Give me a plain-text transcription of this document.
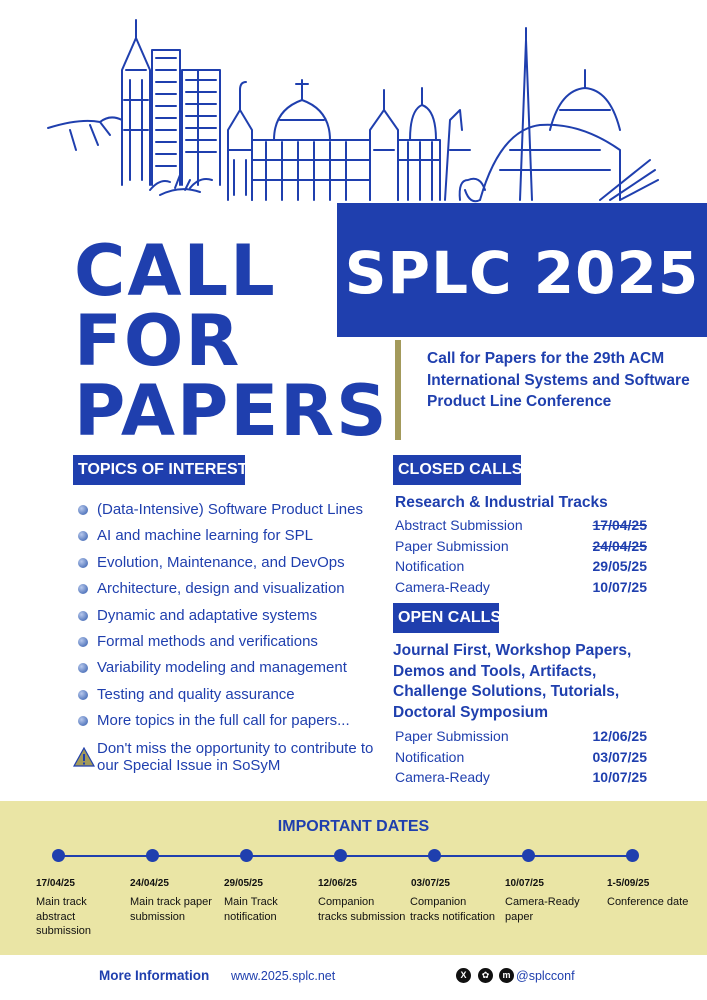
SPLC 2025
CALL
FOR
PAPERS
Call for Papers for the 29th ACM International Systems and Software Product Line Conference
TOPICS OF INTEREST
(Data-Intensive) Software Product Lines
AI and machine learning for SPL
Evolution, Maintenance, and DevOps
Architecture, design and visualization
Dynamic and adaptative systems
Formal methods and verifications
Variability modeling and management
Testing and quality assurance
More topics in the full call for papers...
Don't miss the opportunity to contribute to our Special Issue in SoSyM
CLOSED CALLS
Research & Industrial Tracks
Abstract Submission	17/04/25
Paper Submission	24/04/25
Notification	29/05/25
Camera-Ready	10/07/25
OPEN CALLS
Journal First, Workshop Papers, Demos and Tools, Artifacts, Challenge Solutions, Tutorials, Doctoral Symposium
Paper Submission	12/06/25
Notification	03/07/25
Camera-Ready	10/07/25
IMPORTANT DATES
17/04/25
Main track abstract submission
24/04/25
Main track paper submission
29/05/25
Main Track notification
12/06/25
Companion tracks submission
03/07/25
Companion tracks notification
10/07/25
Camera-Ready paper
1-5/09/25
Conference date
More Information www.2025.splc.net	X	✿	m @splcconf
